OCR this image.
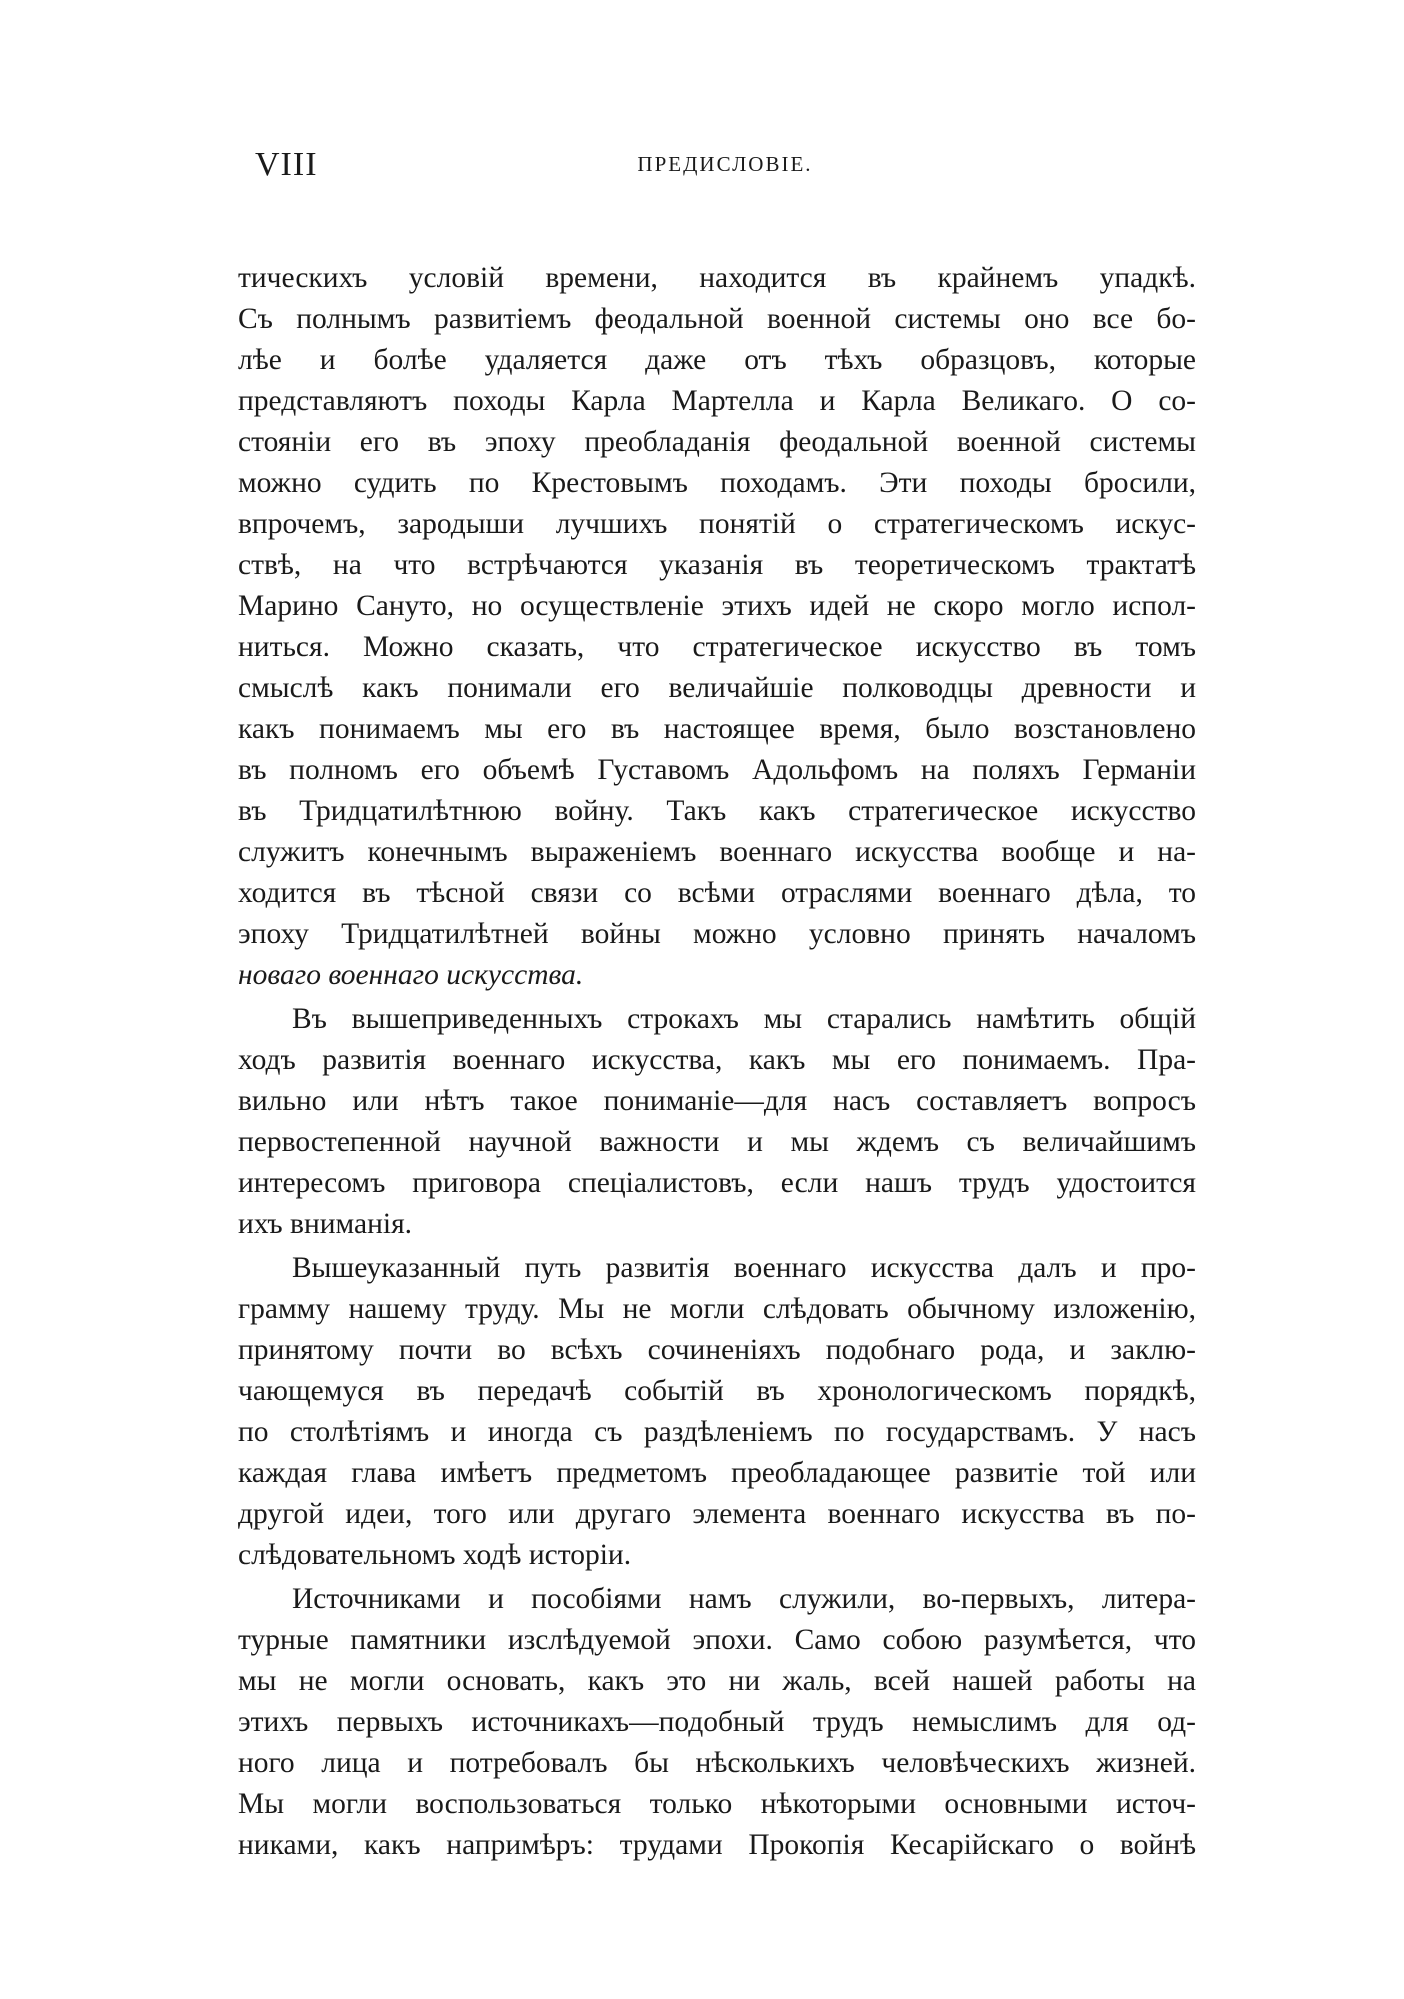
VIII	ПРЕДИСЛОВІЕ.
тическихъ условій времени, находится въ крайнемъ упадкѣ.
Съ полнымъ развитіемъ феодальной военной системы оно все бо-
лѣе и болѣе удаляется даже отъ тѣхъ образцовъ, которые
представляютъ походы Карла Мартелла и Карла Великаго. О со-
стояніи его въ эпоху преобладанія феодальной военной системы
можно судить по Крестовымъ походамъ. Эти походы бросили,
впрочемъ, зародыши лучшихъ понятій о стратегическомъ искус-
ствѣ, на что встрѣчаются указанія въ теоретическомъ трактатѣ
Марино Сануто, но осуществленіе этихъ идей не скоро могло испол-
ниться. Можно сказать, что стратегическое искусство въ томъ
смыслѣ какъ понимали его величайшіе полководцы древности и
какъ понимаемъ мы его въ настоящее время, было возстановлено
въ полномъ его объемѣ Густавомъ Адольфомъ на поляхъ Германіи
въ Тридцатилѣтнюю войну. Такъ какъ стратегическое искусство
служитъ конечнымъ выраженіемъ военнаго искусства вообще и на-
ходится въ тѣсной связи со всѣми отраслями военнаго дѣла, то
эпоху Тридцатилѣтней войны можно условно принять началомъ
новаго военнаго искусства.
Въ вышеприведенныхъ строкахъ мы старались намѣтить общій
ходъ развитія военнаго искусства, какъ мы его понимаемъ. Пра-
вильно или нѣтъ такое пониманіе—для насъ составляетъ вопросъ
первостепенной научной важности и мы ждемъ съ величайшимъ
интересомъ приговора спеціалистовъ, если нашъ трудъ удостоится
ихъ вниманія.
Вышеуказанный путь развитія военнаго искусства далъ и про-
грамму нашему труду. Мы не могли слѣдовать обычному изложенію,
принятому почти во всѣхъ сочиненіяхъ подобнаго рода, и заклю-
чающемуся въ передачѣ событій въ хронологическомъ порядкѣ,
по столѣтіямъ и иногда съ раздѣленіемъ по государствамъ. У насъ
каждая глава имѣетъ предметомъ преобладающее развитіе той или
другой идеи, того или другаго элемента военнаго искусства въ по-
слѣдовательномъ ходѣ исторіи.
Источниками и пособіями намъ служили, во-первыхъ, литера-
турные памятники изслѣдуемой эпохи. Само собою разумѣется, что
мы не могли основать, какъ это ни жаль, всей нашей работы на
этихъ первыхъ источникахъ—подобный трудъ немыслимъ для од-
ного лица и потребовалъ бы нѣсколькихъ человѣческихъ жизней.
Мы могли воспользоваться только нѣкоторыми основными источ-
никами, какъ напримѣръ: трудами Прокопія Кесарійскаго о войнѣ
